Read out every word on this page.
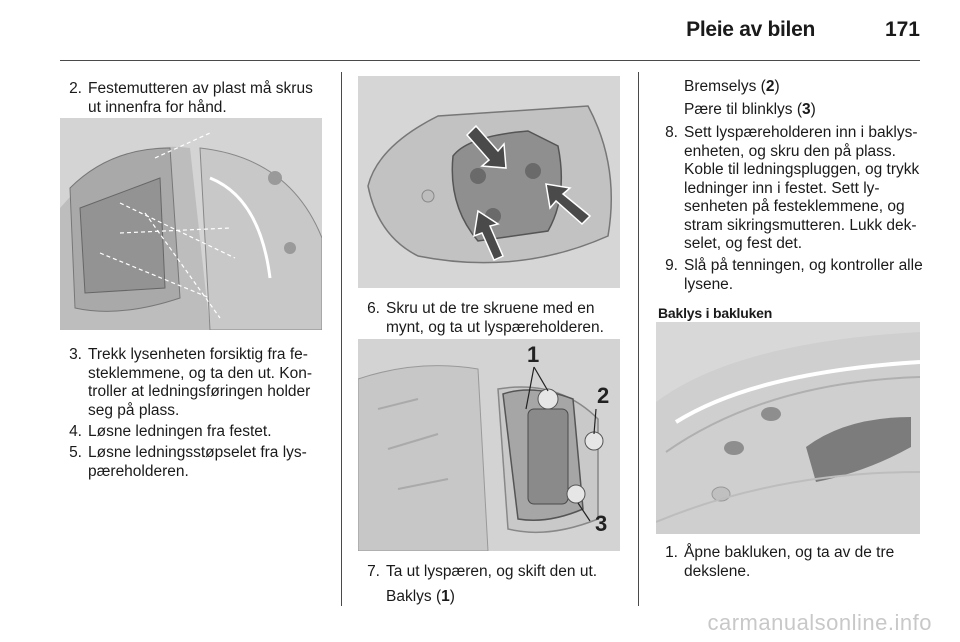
Pleie av bilen	171
2. Festemutteren av plast må skrus ut innenfra for hånd.
3. Trekk lysenheten forsiktig fra fe-steklemmene, og ta den ut. Kon-troller at ledningsføringen holder seg på plass.
4. Løsne ledningen fra festet.
5. Løsne ledningsstøpselet fra lys-pæreholderen.
6. Skru ut de tre skruene med en mynt, og ta ut lyspæreholderen.
1
2
3
7. Ta ut lyspæren, og skift den ut.
Baklys (1)
Bremselys (2)
Pære til blinklys (3)
8. Sett lyspæreholderen inn i baklys-enheten, og skru den på plass. Koble til ledningspluggen, og trykk ledninger inn i festet. Sett ly-senheten på festeklemmene, og stram sikringsmutteren. Lukk dek-selet, og fest det.
9. Slå på tenningen, og kontroller alle lysene.
Baklys i bakluken
1. Åpne bakluken, og ta av de tre dekslene.
carmanualsonline.info
